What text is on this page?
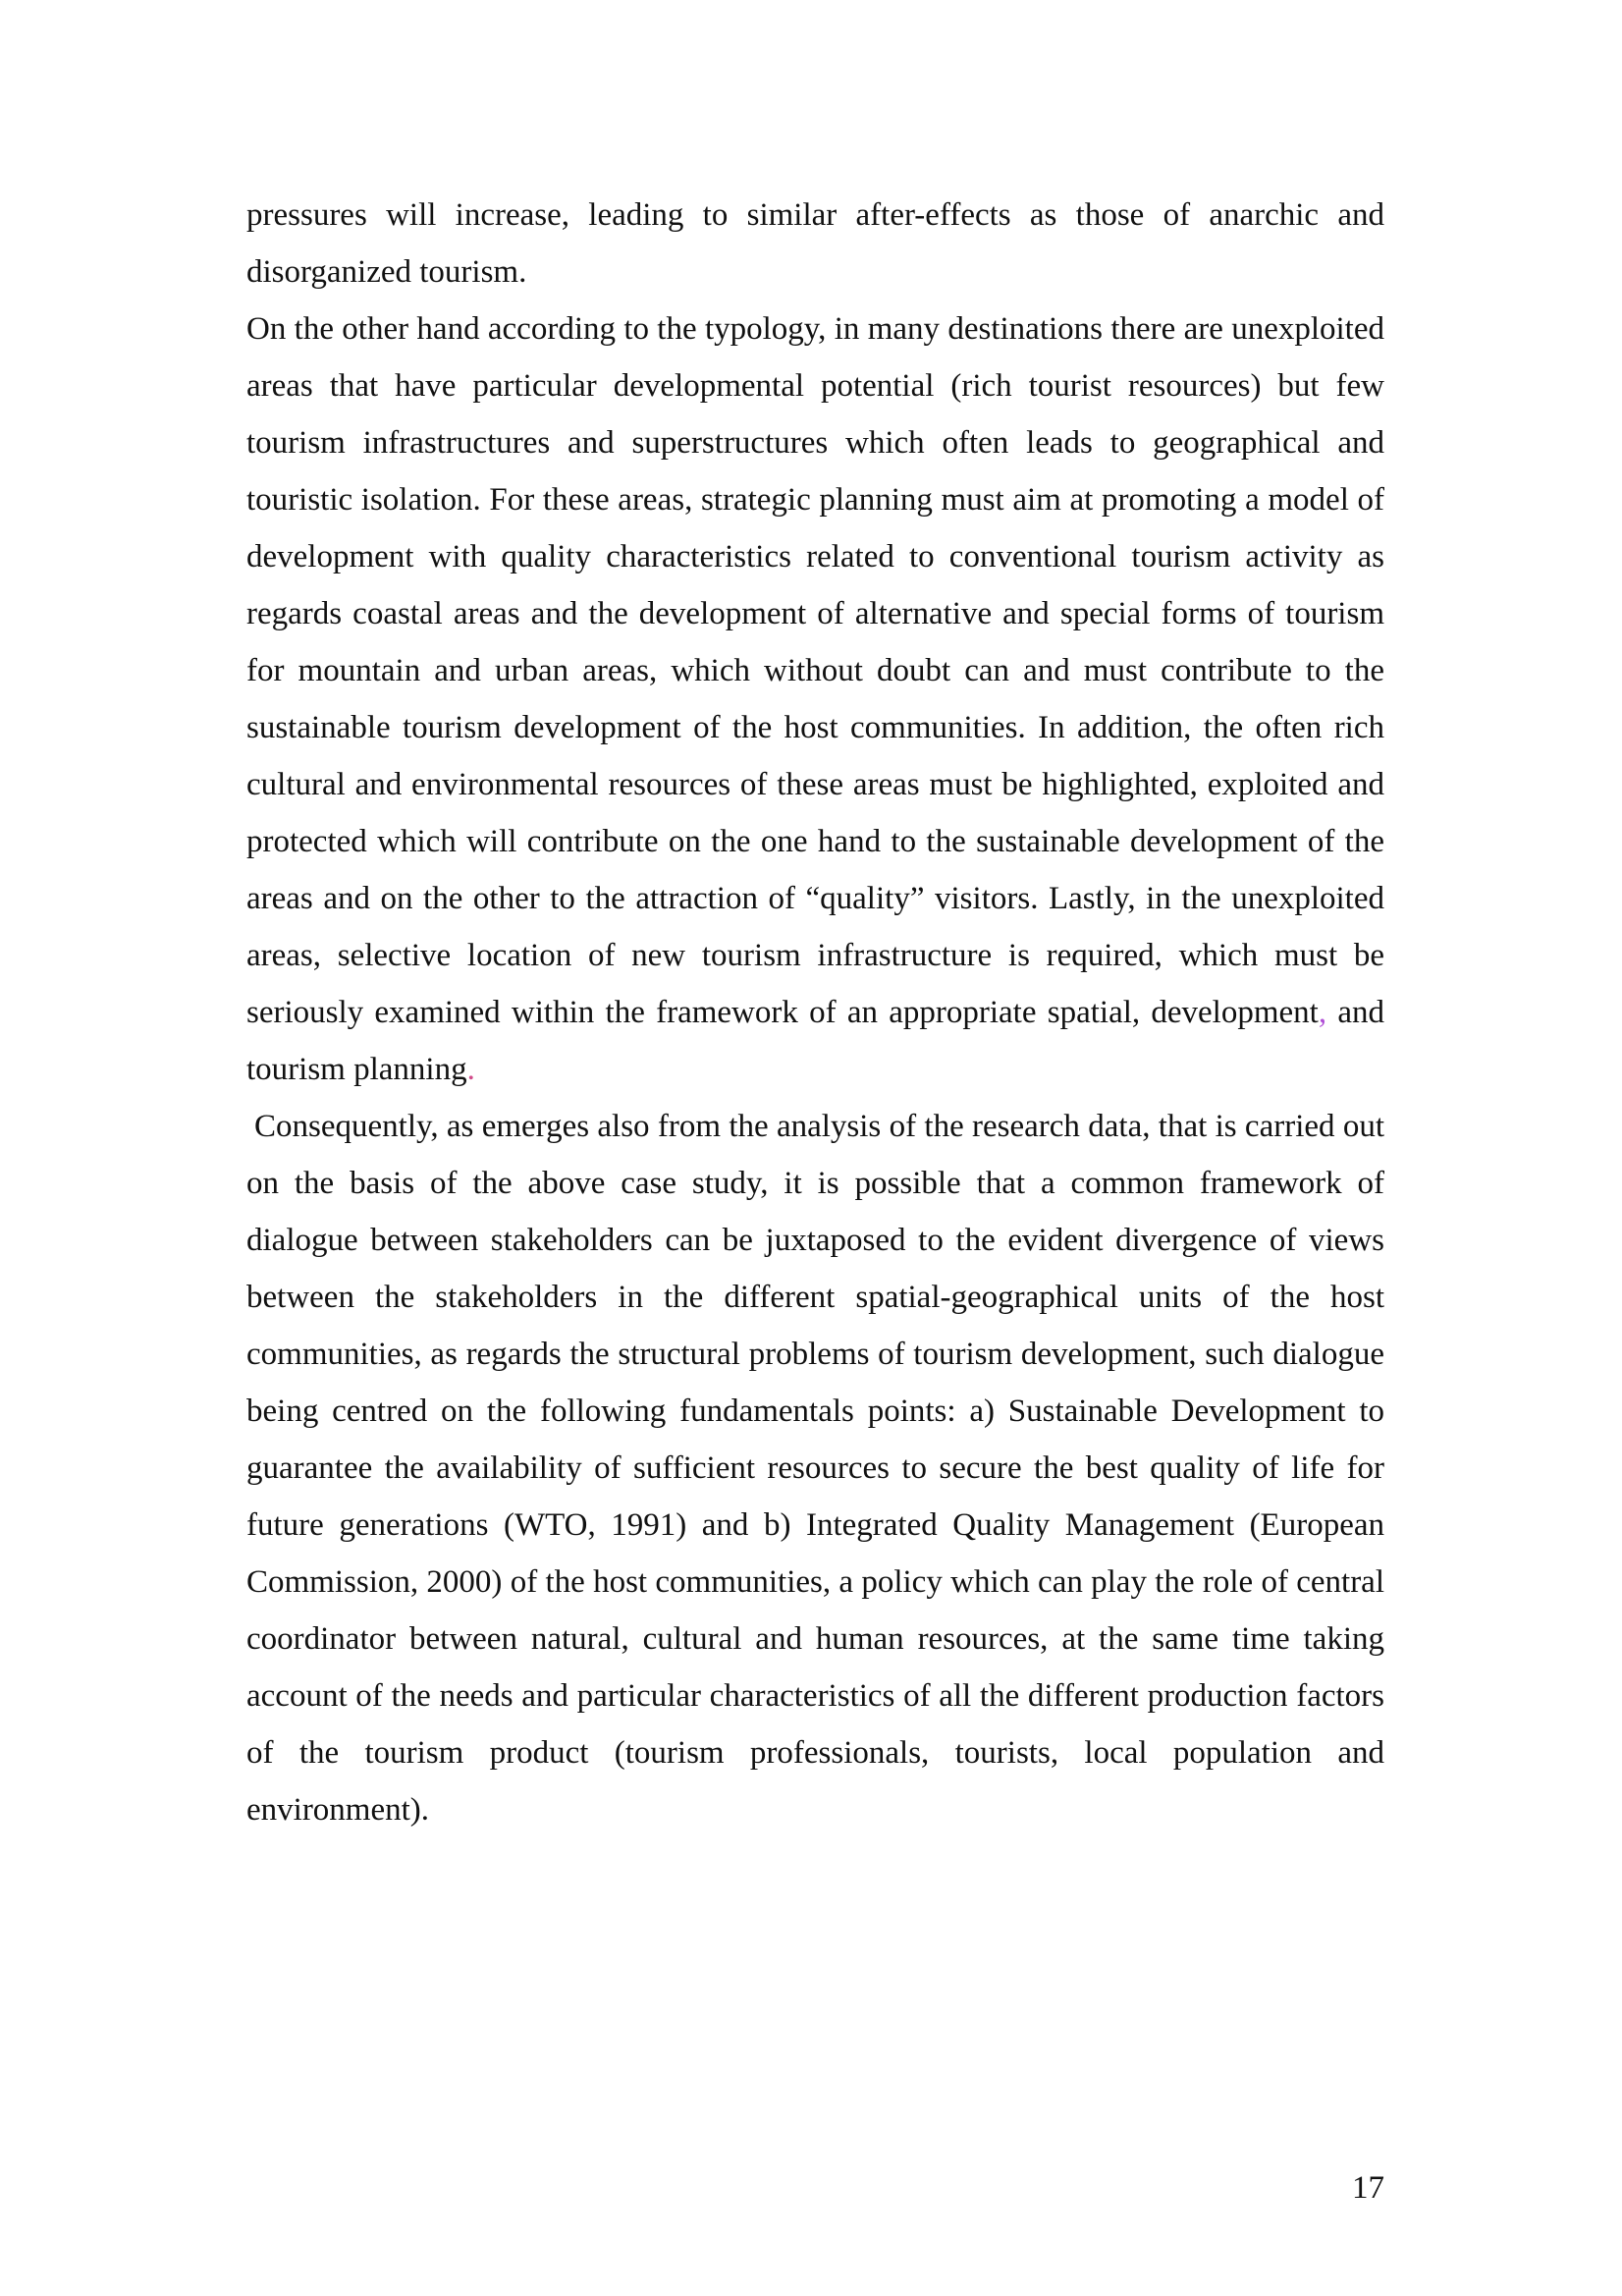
pressures will increase, leading to similar after-effects as those of anarchic and disorganized tourism.

On the other hand according to the typology, in many destinations there are unexploited areas that have particular developmental potential (rich tourist resources) but few tourism infrastructures and superstructures which often leads to geographical and touristic isolation. For these areas, strategic planning must aim at promoting a model of development with quality characteristics related to conventional tourism activity as regards coastal areas and the development of alternative and special forms of tourism for mountain and urban areas, which without doubt can and must contribute to the sustainable tourism development of the host communities. In addition, the often rich cultural and environmental resources of these areas must be highlighted, exploited and protected which will contribute on the one hand to the sustainable development of the areas and on the other to the attraction of “quality” visitors. Lastly, in the unexploited areas, selective location of new tourism infrastructure is required, which must be seriously examined within the framework of an appropriate spatial, development, and tourism planning.

Consequently, as emerges also from the analysis of the research data, that is carried out on the basis of the above case study, it is possible that a common framework of dialogue between stakeholders can be juxtaposed to the evident divergence of views between the stakeholders in the different spatial-geographical units of the host communities, as regards the structural problems of tourism development, such dialogue being centred on the following fundamentals points: a) Sustainable Development to guarantee the availability of sufficient resources to secure the best quality of life for future generations (WTO, 1991) and b) Integrated Quality Management (European Commission, 2000) of the host communities, a policy which can play the role of central coordinator between natural, cultural and human resources, at the same time taking account of the needs and particular characteristics of all the different production factors of the tourism product (tourism professionals, tourists, local population and environment).

17
